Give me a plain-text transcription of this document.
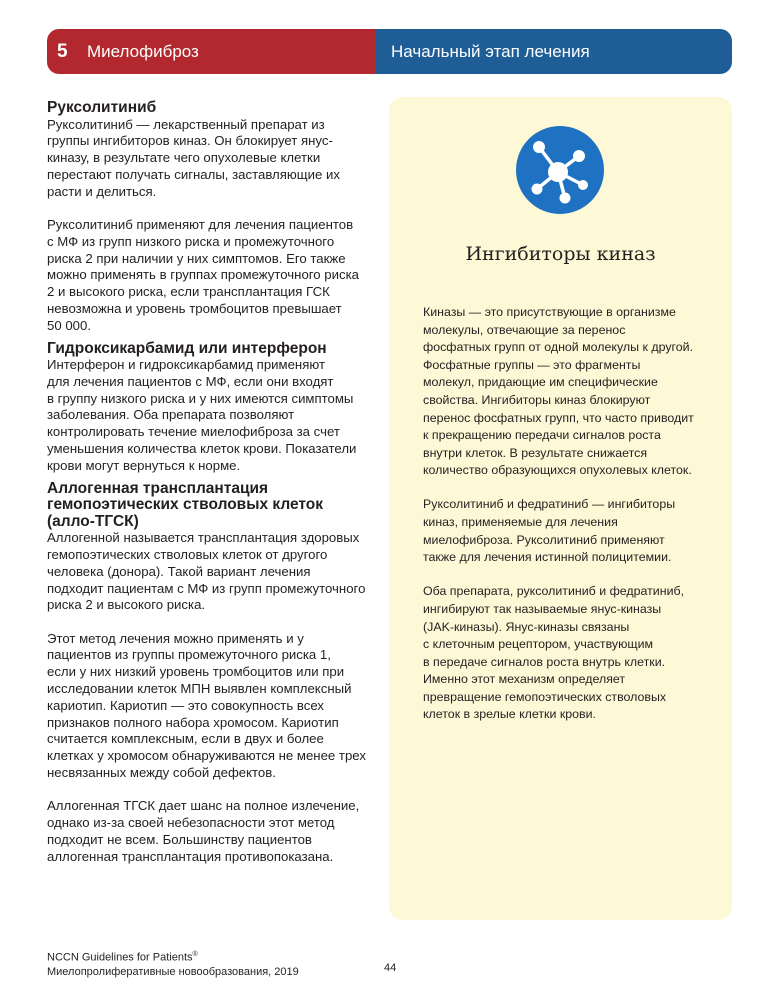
5	Миелофиброз	Начальный этап лечения
Руксолитиниб

Руксолитиниб — лекарственный препарат из
группы ингибиторов киназ. Он блокирует янус-
киназу, в результате чего опухолевые клетки
перестают получать сигналы, заставляющие их
расти и делиться.

Руксолитиниб применяют для лечения пациентов
с МФ из групп низкого риска и промежуточного
риска 2 при наличии у них симптомов. Его также
можно применять в группах промежуточного риска
2 и высокого риска, если трансплантация ГСК
невозможна и уровень тромбоцитов превышает
50 000.

Гидроксикарбамид или интерферон

Интерферон и гидроксикарбамид применяют
для лечения пациентов с МФ, если они входят
в группу низкого риска и у них имеются симптомы
заболевания. Оба препарата позволяют
контролировать течение миелофиброза за счет
уменьшения количества клеток крови. Показатели
крови могут вернуться к норме.

Аллогенная трансплантация
гемопоэтических стволовых клеток
(алло-ТГСК)

Аллогенной называется трансплантация здоровых
гемопоэтических стволовых клеток от другого
человека (донора). Такой вариант лечения
подходит пациентам с МФ из групп промежуточного
риска 2 и высокого риска.

Этот метод лечения можно применять и у
пациентов из группы промежуточного риска 1,
если у них низкий уровень тромбоцитов или при
исследовании клеток МПН выявлен комплексный
кариотип. Кариотип — это совокупность всех
признаков полного набора хромосом. Кариотип
считается комплексным, если в двух и более
клетках у хромосом обнаруживаются не менее трех
несвязанных между собой дефектов.

Аллогенная ТГСК дает шанс на полное излечение,
однако из-за своей небезопасности этот метод
подходит не всем. Большинству пациентов
аллогенная трансплантация противопоказана.

Ингибиторы киназ

Киназы — это присутствующие в организме
молекулы, отвечающие за перенос
фосфатных групп от одной молекулы к другой.
Фосфатные группы — это фрагменты
молекул, придающие им специфические
свойства. Ингибиторы киназ блокируют
перенос фосфатных групп, что часто приводит
к прекращению передачи сигналов роста
внутри клеток. В результате снижается
количество образующихся опухолевых клеток.

Руксолитиниб и федратиниб — ингибиторы
киназ, применяемые для лечения
миелофиброза. Руксолитиниб применяют
также для лечения истинной полицитемии.

Оба препарата, руксолитиниб и федратиниб,
ингибируют так называемые янус-киназы
(JAK-киназы). Янус-киназы связаны
с клеточным рецептором, участвующим
в передаче сигналов роста внутрь клетки.
Именно этот механизм определяет
превращение гемопоэтических стволовых
клеток в зрелые клетки крови.

NCCN Guidelines for Patients®
Миелопролиферативные новообразования, 2019	44
